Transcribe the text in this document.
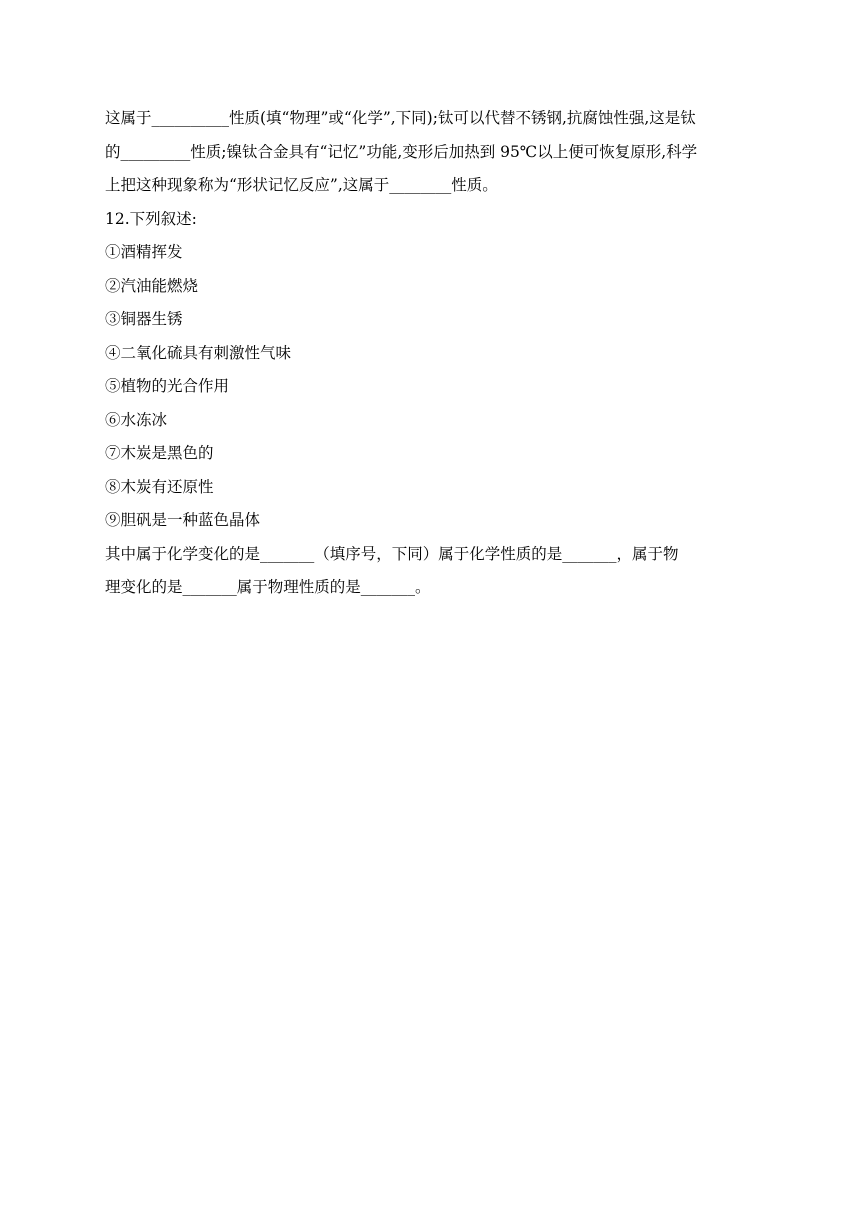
这属于__________性质(填“物理”或“化学”,下同);钛可以代替不锈钢,抗腐蚀性强,这是钛
的_________性质;镍钛合金具有“记忆”功能,变形后加热到 95℃以上便可恢复原形,科学
上把这种现象称为“形状记忆反应”,这属于________性质。
12.下列叙述:
①酒精挥发
②汽油能燃烧
③铜器生锈
④二氧化硫具有刺激性气味
⑤植物的光合作用
⑥水冻冰
⑦木炭是黑色的
⑧木炭有还原性
⑨胆矾是一种蓝色晶体
其中属于化学变化的是_______（填序号，下同）属于化学性质的是_______，属于物
理变化的是_______属于物理性质的是_______。
